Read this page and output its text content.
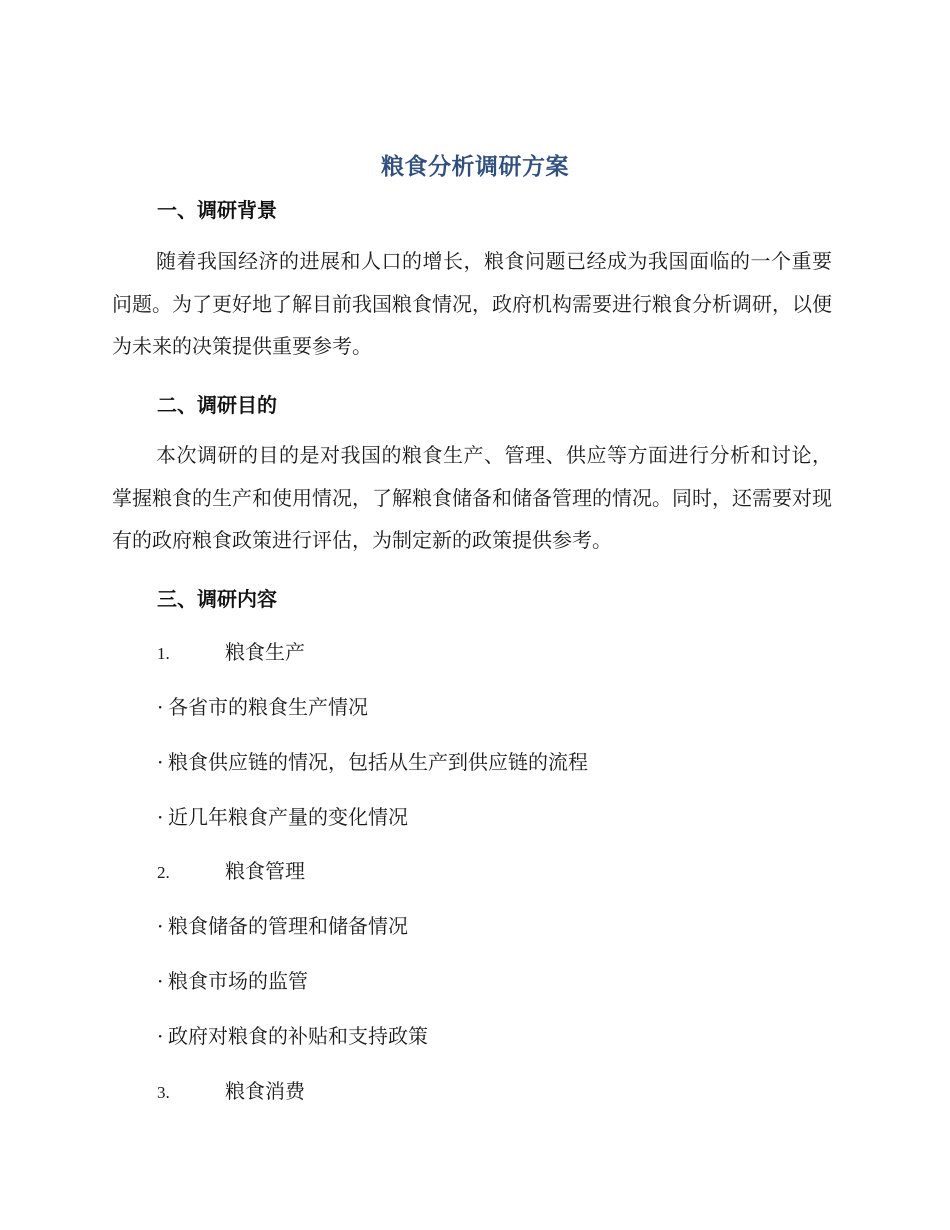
粮食分析调研方案
一、调研背景
随着我国经济的进展和人口的增长，粮食问题已经成为我国面临的一个重要问题。为了更好地了解目前我国粮食情况，政府机构需要进行粮食分析调研，以便为未来的决策提供重要参考。
二、调研目的
本次调研的目的是对我国的粮食生产、管理、供应等方面进行分析和讨论，掌握粮食的生产和使用情况，了解粮食储备和储备管理的情况。同时，还需要对现有的政府粮食政策进行评估，为制定新的政策提供参考。
三、调研内容
1.	粮食生产
· 各省市的粮食生产情况
· 粮食供应链的情况，包括从生产到供应链的流程
· 近几年粮食产量的变化情况
2.	粮食管理
· 粮食储备的管理和储备情况
· 粮食市场的监管
· 政府对粮食的补贴和支持政策
3.	粮食消费
